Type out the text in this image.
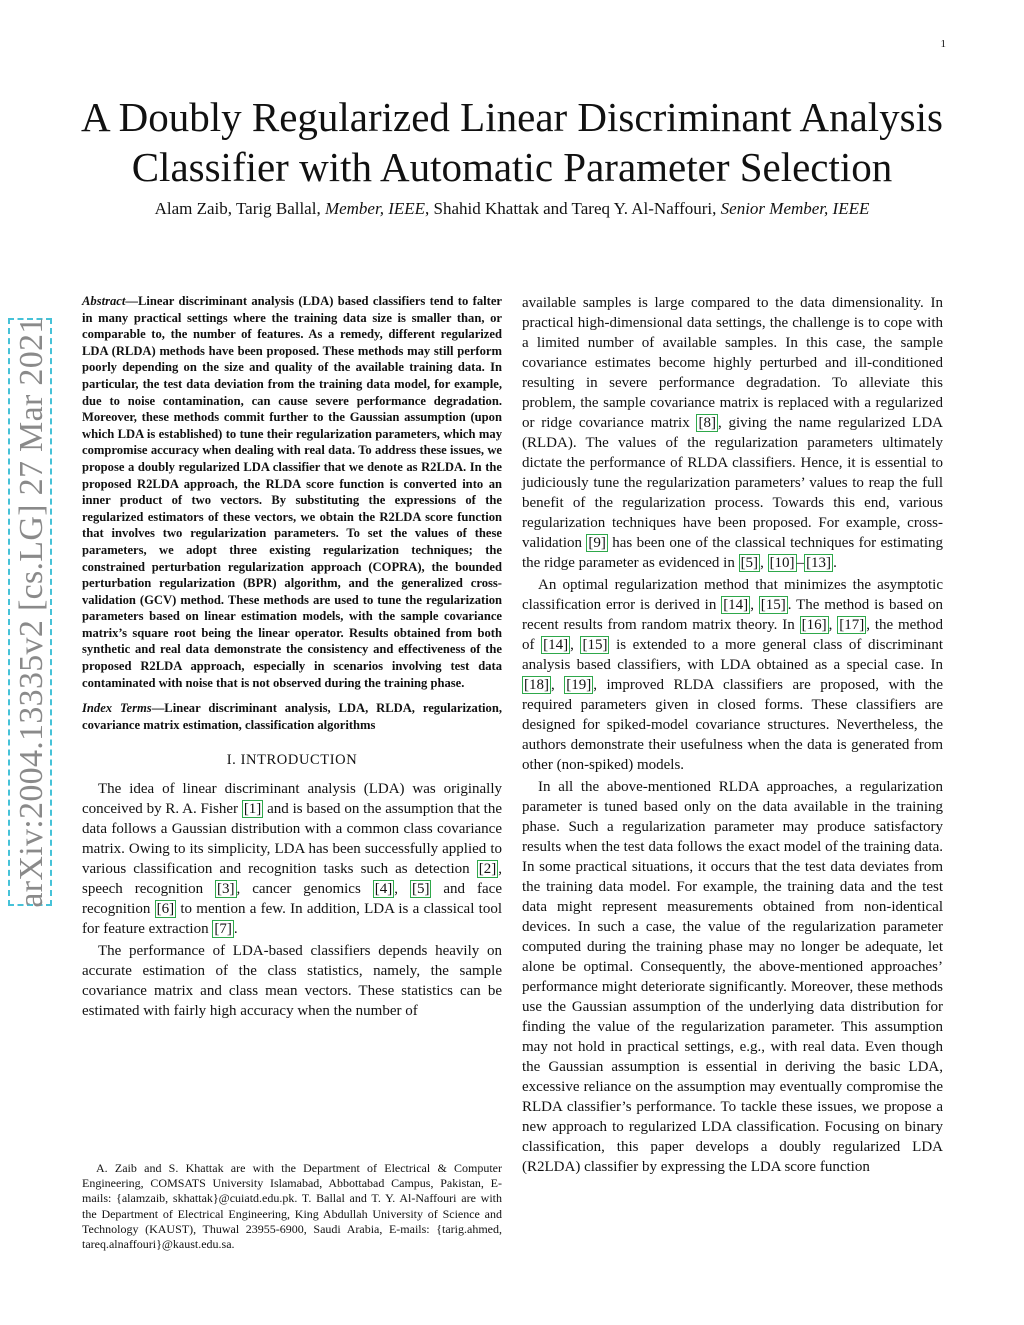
1
A Doubly Regularized Linear Discriminant Analysis
Classifier with Automatic Parameter Selection
Alam Zaib, Tarig Ballal, Member, IEEE, Shahid Khattak and Tareq Y. Al-Naffouri, Senior Member, IEEE
arXiv:2004.13335v2 [cs.LG] 27 Mar 2021

Abstract—Linear discriminant analysis (LDA) based classifiers tend to falter in many practical settings where the training data size is smaller than, or comparable to, the number of features. As a remedy, different regularized LDA (RLDA) methods have been proposed. These methods may still perform poorly depending on the size and quality of the available training data. In particular, the test data deviation from the training data model, for example, due to noise contamination, can cause severe performance degradation. Moreover, these methods commit further to the Gaussian assumption (upon which LDA is established) to tune their regularization parameters, which may compromise accuracy when dealing with real data. To address these issues, we propose a doubly regularized LDA classifier that we denote as R2LDA. In the proposed R2LDA approach, the RLDA score function is converted into an inner product of two vectors. By substituting the expressions of the regularized estimators of these vectors, we obtain the R2LDA score function that involves two regularization parameters. To set the values of these parameters, we adopt three existing regularization techniques; the constrained perturbation regularization approach (COPRA), the bounded perturbation regularization (BPR) algorithm, and the generalized cross-validation (GCV) method. These methods are used to tune the regularization parameters based on linear estimation models, with the sample covariance matrix’s square root being the linear operator. Results obtained from both synthetic and real data demonstrate the consistency and effectiveness of the proposed R2LDA approach, especially in scenarios involving test data contaminated with noise that is not observed during the training phase.

Index Terms—Linear discriminant analysis, LDA, RLDA, regularization, covariance matrix estimation, classification algorithms

I. INTRODUCTION

The idea of linear discriminant analysis (LDA) was originally conceived by R. A. Fisher [1] and is based on the assumption that the data follows a Gaussian distribution with a common class covariance matrix. Owing to its simplicity, LDA has been successfully applied to various classification and recognition tasks such as detection [2] , speech recognition [3] , cancer genomics [4] , [5] and face recognition [6] to mention a few. In addition, LDA is a classical tool for feature extraction [7] .

The performance of LDA-based classifiers depends heavily on accurate estimation of the class statistics, namely, the sample covariance matrix and class mean vectors. These statistics can be estimated with fairly high accuracy when the number of

A. Zaib and S. Khattak are with the Department of Electrical & Computer Engineering, COMSATS University Islamabad, Abbottabad Campus, Pakistan, E-mails: {alamzaib, skhattak}@cuiatd.edu.pk. T. Ballal and T. Y. Al-Naffouri are with the Department of Electrical Engineering, King Abdullah University of Science and Technology (KAUST), Thuwal 23955-6900, Saudi Arabia, E-mails: {tarig.ahmed, tareq.alnaffouri}@kaust.edu.sa.

available samples is large compared to the data dimensionality. In practical high-dimensional data settings, the challenge is to cope with a limited number of available samples. In this case, the sample covariance estimates become highly perturbed and ill-conditioned resulting in severe performance degradation. To alleviate this problem, the sample covariance matrix is replaced with a regularized or ridge covariance matrix [8] , giving the name regularized LDA (RLDA). The values of the regularization parameters ultimately dictate the performance of RLDA classifiers. Hence, it is essential to judiciously tune the regularization parameters’ values to reap the full benefit of the regularization process. Towards this end, various regularization techniques have been proposed. For example, cross-validation [9] has been one of the classical techniques for estimating the ridge parameter as evidenced in [5] , [10] – [13] .

An optimal regularization method that minimizes the asymptotic classification error is derived in [14] , [15] . The method is based on recent results from random matrix theory. In [16] , [17] , the method of [14] , [15] is extended to a more general class of discriminant analysis based classifiers, with LDA obtained as a special case. In [18] , [19] , improved RLDA classifiers are proposed, with the required parameters given in closed forms. These classifiers are designed for spiked-model covariance structures. Nevertheless, the authors demonstrate their usefulness when the data is generated from other (non-spiked) models.

In all the above-mentioned RLDA approaches, a regularization parameter is tuned based only on the data available in the training phase. Such a regularization parameter may produce satisfactory results when the test data follows the exact model of the training data. In some practical situations, it occurs that the test data deviates from the training data model. For example, the training data and the test data might represent measurements obtained from non-identical devices. In such a case, the value of the regularization parameter computed during the training phase may no longer be adequate, let alone be optimal. Consequently, the above-mentioned approaches’ performance might deteriorate significantly. Moreover, these methods use the Gaussian assumption of the underlying data distribution for finding the value of the regularization parameter. This assumption may not hold in practical settings, e.g., with real data. Even though the Gaussian assumption is essential in deriving the basic LDA, excessive reliance on the assumption may eventually compromise the RLDA classifier’s performance. To tackle these issues, we propose a new approach to regularized LDA classification. Focusing on binary classification, this paper develops a doubly regularized LDA (R2LDA) classifier by expressing the LDA score function
